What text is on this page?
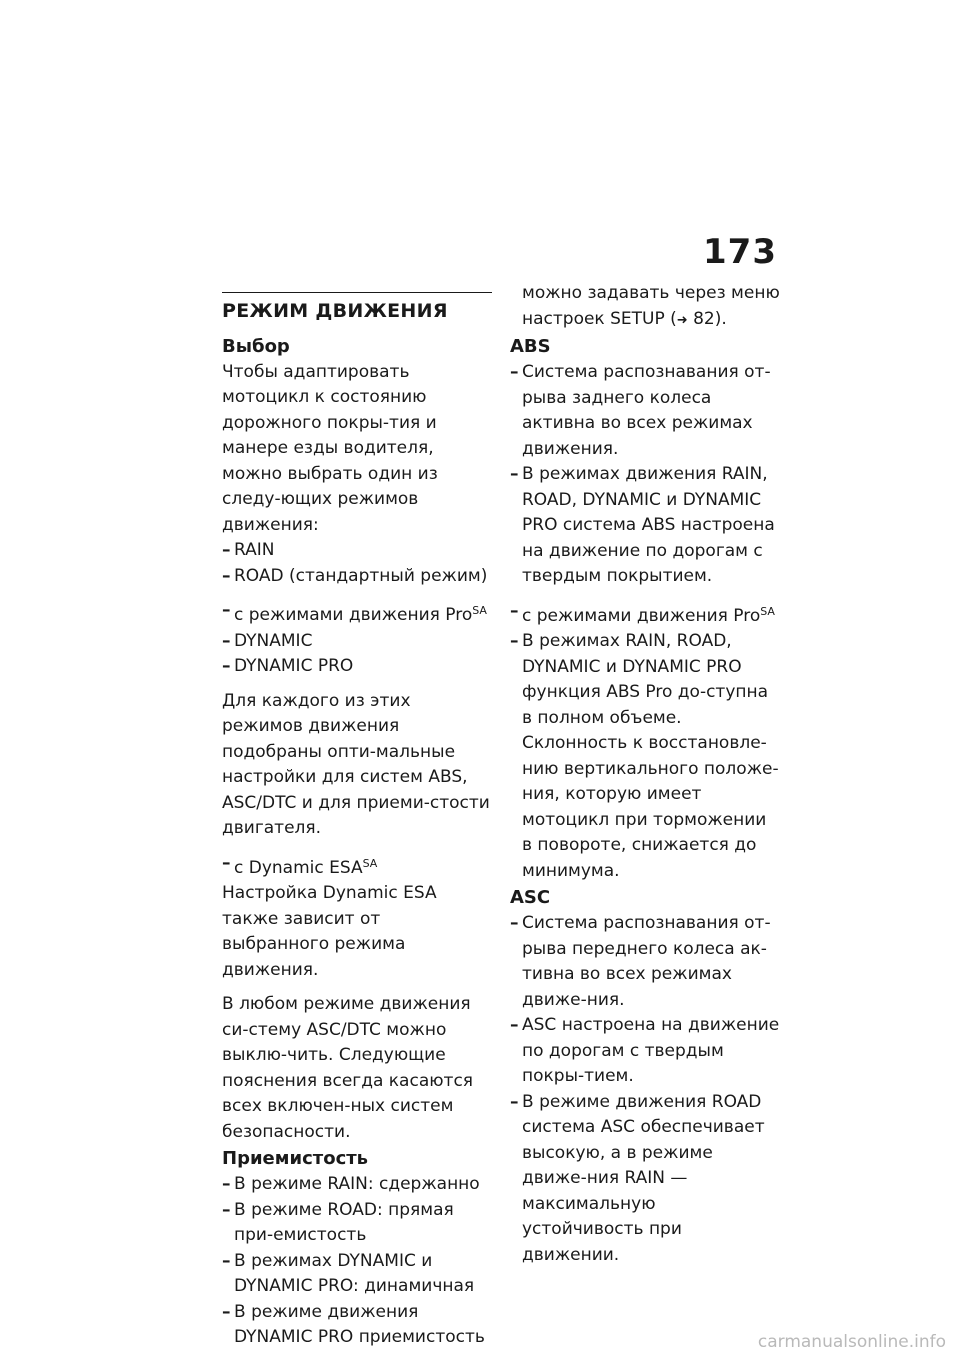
173
РЕЖИМ ДВИЖЕНИЯ
Выбор

Чтобы адаптировать мотоцикл к состоянию дорожного покры-тия и манере езды водителя, можно выбрать один из следу-ющих режимов движения:

– RAIN
– ROAD (стандартный режим)
– с режимами движения Pro$^{SA}$
– DYNAMIC
– DYNAMIC PRO

Для каждого из этих режимов движения подобраны опти-мальные настройки для систем ABS, ASC/DTC и для приеми-стости двигателя.

– с Dynamic $ESA^{SA}$

Настройка Dynamic ESA также зависит от выбранного режима движения.

В любом режиме движения си-стему ASC/DTC можно выклю-чить. Следующие пояснения всегда касаются всех включен-ных систем безопасности.

Приемистость
– В режиме RAIN: сдержанно
– В режиме ROAD: прямая при-емистость
– В режимах DYNAMIC и DYNAMIC PRO: динамичная
– В режиме движения DYNAMIC PRO приемистость

можно задавать через меню
настроек SETUP (➜ 82).

ABS
– Система распознавания от-рыва заднего колеса активна во всех режимах движения.
– В режимах движения RAIN, ROAD, DYNAMIC и DYNAMIC PRO система ABS настроена на движение по дорогам с твердым покрытием.
– с режимами движения Pro$^{SA}$
– В режимах RAIN, ROAD, DYNAMIC и DYNAMIC PRO функция ABS Pro до-ступна в полном объеме. Склонность к восстановле-нию вертикального положе-ния, которую имеет мотоцикл при торможении в повороте, снижается до минимума.
ASC
– Система распознавания от-рыва переднего колеса ак-тивна во всех режимах движе-ния.
– ASC настроена на движение по дорогам с твердым покры-тием.
– В режиме движения ROAD система ASC обеспечивает высокую, а в режиме движе-ния RAIN — максимальную устойчивость при движении.
carmanualsonline.info
